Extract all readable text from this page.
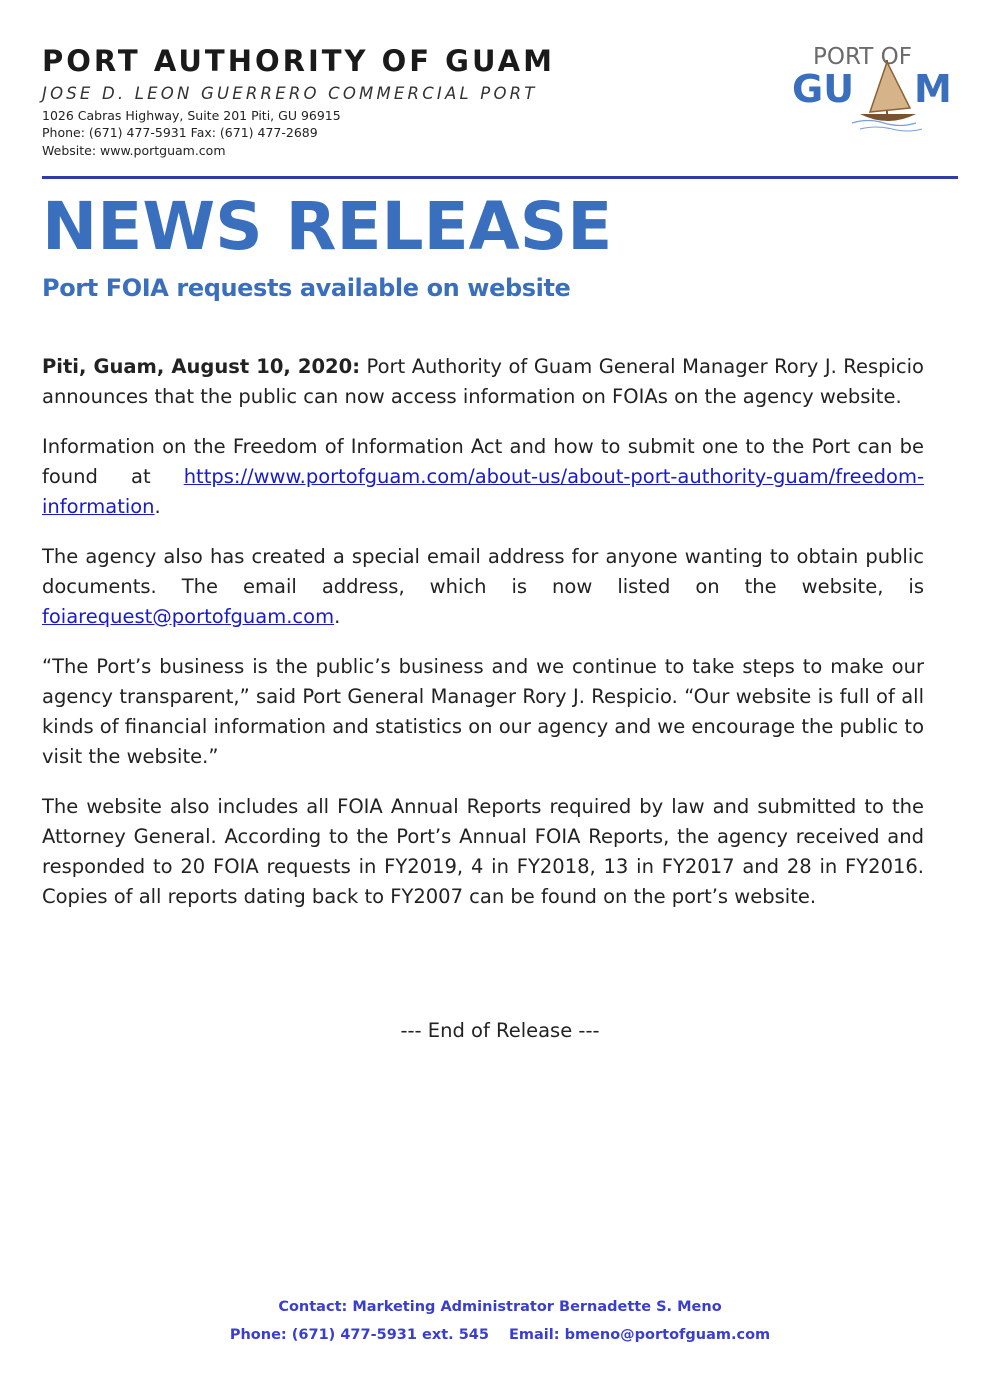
PORT AUTHORITY OF GUAM
JOSE D. LEON GUERRERO COMMERCIAL PORT
1026 Cabras Highway, Suite 201 Piti, GU 96915
Phone: (671) 477-5931 Fax: (671) 477-2689
Website: www.portguam.com
PORT OF
GU M
NEWS RELEASE
Port FOIA requests available on website

Piti, Guam, August 10, 2020: Port Authority of Guam General Manager Rory J. Respicio announces that the public can now access information on FOIAs on the agency website.

Information on the Freedom of Information Act and how to submit one to the Port can be found at https://www.portofguam.com/about-us/about-port-authority-guam/freedom-information.

The agency also has created a special email address for anyone wanting to obtain public documents. The email address, which is now listed on the website, is foiarequest@portofguam.com.

“The Port’s business is the public’s business and we continue to take steps to make our agency transparent,” said Port General Manager Rory J. Respicio. “Our website is full of all kinds of financial information and statistics on our agency and we encourage the public to visit the website.”

The website also includes all FOIA Annual Reports required by law and submitted to the Attorney General. According to the Port’s Annual FOIA Reports, the agency received and responded to 20 FOIA requests in FY2019, 4 in FY2018, 13 in FY2017 and 28 in FY2016. Copies of all reports dating back to FY2007 can be found on the port’s website.

--- End of Release ---
Contact: Marketing Administrator Bernadette S. Meno
Phone: (671) 477-5931 ext. 545 Email: bmeno@portofguam.com
